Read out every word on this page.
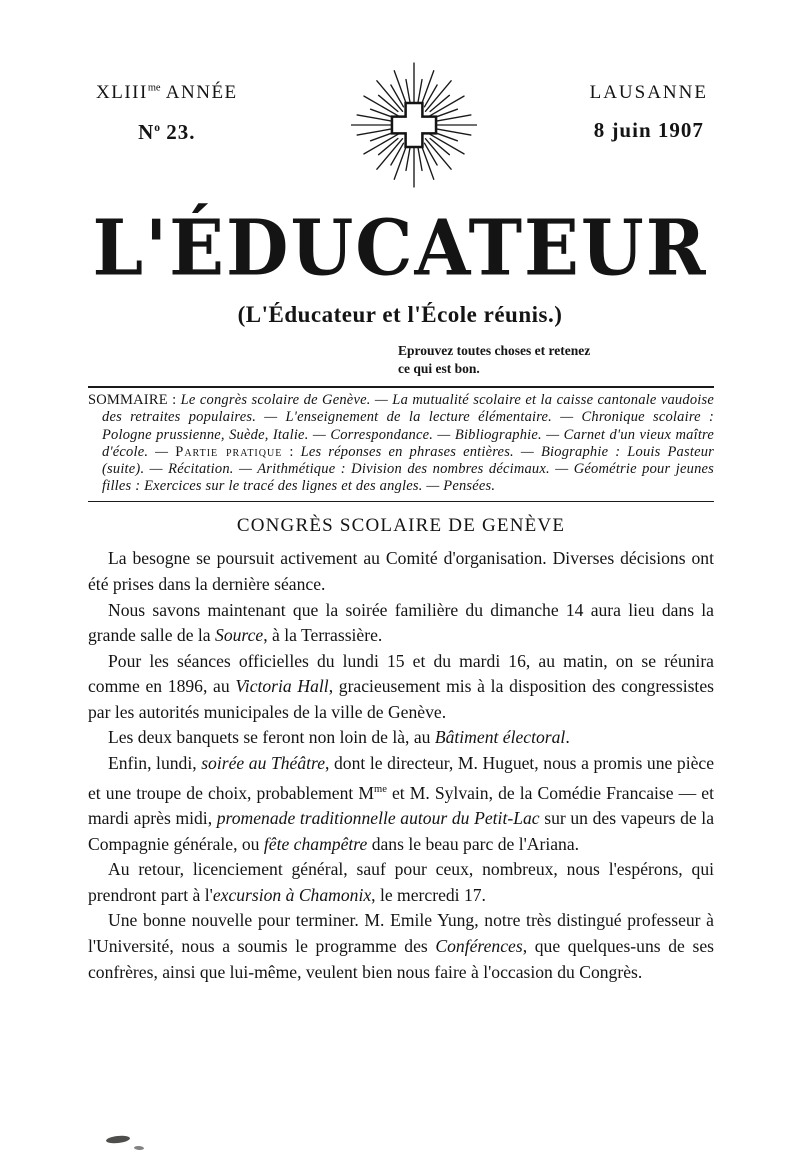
$XLIII^{me}$ ANNÉE
$N^o$ 23.
LAUSANNE
8 juin 1907
L'ÉDUCATEUR
(L'Éducateur et l'École réunis.)
Eprouvez toutes choses et retenez
ce qui est bon.

SOMMAIRE : Le congrès scolaire de Genève. — La mutualité scolaire et la caisse cantonale vaudoise des retraites populaires. — L'enseignement de la lecture élémentaire. — Chronique scolaire : Pologne prussienne, Suède, Italie. — Correspondance. — Bibliographie. — Carnet d'un vieux maître d'école. — Partie pratique : Les réponses en phrases entières. — Biographie : Louis Pasteur (suite). — Récitation. — Arithmétique : Division des nombres décimaux. — Géométrie pour jeunes filles : Exercices sur le tracé des lignes et des angles. — Pensées.

CONGRÈS SCOLAIRE DE GENÈVE

La besogne se poursuit activement au Comité d'organisation. Diverses décisions ont été prises dans la dernière séance.

Nous savons maintenant que la soirée familière du dimanche 14 aura lieu dans la grande salle de la Source, à la Terrassière.

Pour les séances officielles du lundi 15 et du mardi 16, au matin, on se réunira comme en 1896, au Victoria Hall, gracieusement mis à la disposition des congressistes par les autorités municipales de la ville de Genève.

Les deux banquets se feront non loin de là, au Bâtiment électoral.

Enfin, lundi, soirée au Théâtre, dont le directeur, M. Huguet, nous a promis une pièce et une troupe de choix, probablement $M^{me}$ et M. Sylvain, de la Comédie Francaise — et mardi après midi, promenade traditionnelle autour du Petit-Lac sur un des vapeurs de la Compagnie générale, ou fête champêtre dans le beau parc de l'Ariana.

Au retour, licenciement général, sauf pour ceux, nombreux, nous l'espérons, qui prendront part à l'excursion à Chamonix, le mercredi 17.

Une bonne nouvelle pour terminer. M. Emile Yung, notre très distingué professeur à l'Université, nous a soumis le programme des Conférences, que quelques-uns de ses confrères, ainsi que lui-même, veulent bien nous faire à l'occasion du Congrès.
